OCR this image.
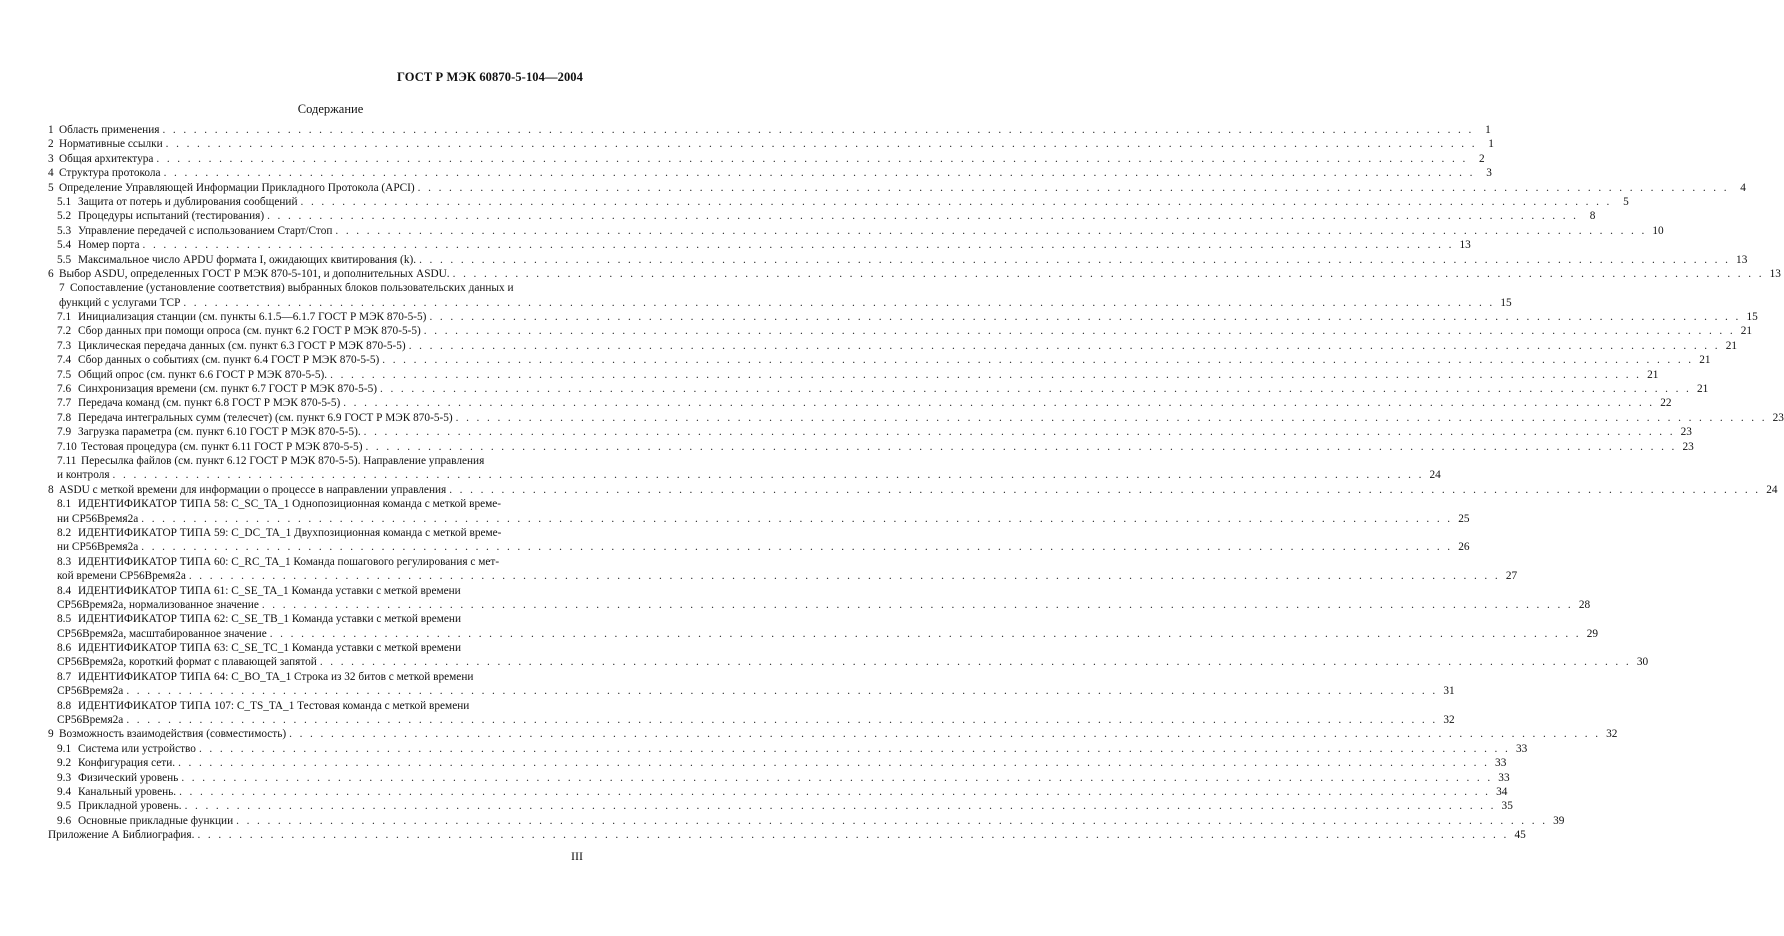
ГОСТ Р МЭК 60870-5-104—2004
Содержание
1 Область применения . . .	1
2 Нормативные ссылки . . .	1
3 Общая архитектура . . .	2
4 Структура протокола . . .	3
5 Определение Управляющей Информации Прикладного Протокола (APCI) . . .	4
5.1 Защита от потерь и дублирования сообщений . . .	5
5.2 Процедуры испытаний (тестирования) . . .	8
5.3 Управление передачей с использованием Старт/Стоп . . .	10
5.4 Номер порта . . .	13
5.5 Максимальное число APDU формата I, ожидающих квитирования (k). . . .	13
6 Выбор ASDU, определенных ГОСТ Р МЭК 870-5-101, и дополнительных ASDU. . . .	13
7 Сопоставление (установление соответствия) выбранных блоков пользовательских данных и
функций с услугами TCP . . .	15
7.1 Инициализация станции (см. пункты 6.1.5—6.1.7 ГОСТ Р МЭК 870-5-5) . . .	15
7.2 Сбор данных при помощи опроса (см. пункт 6.2 ГОСТ Р МЭК 870-5-5) . . .	21
7.3 Циклическая передача данных (см. пункт 6.3 ГОСТ Р МЭК 870-5-5) . . .	21
7.4 Сбор данных о событиях (см. пункт 6.4 ГОСТ Р МЭК 870-5-5) . . .	21
7.5 Общий опрос (см. пункт 6.6 ГОСТ Р МЭК 870-5-5). . . .	21
7.6 Синхронизация времени (см. пункт 6.7 ГОСТ Р МЭК 870-5-5) . . .	21
7.7 Передача команд (см. пункт 6.8 ГОСТ Р МЭК 870-5-5) . . .	22
7.8 Передача интегральных сумм (телесчет) (см. пункт 6.9 ГОСТ Р МЭК 870-5-5) . . .	23
7.9 Загрузка параметра (см. пункт 6.10 ГОСТ Р МЭК 870-5-5). . . .	23
7.10 Тестовая процедура (см. пункт 6.11 ГОСТ Р МЭК 870-5-5) . . .	23
7.11 Пересылка файлов (см. пункт 6.12 ГОСТ Р МЭК 870-5-5). Направление управления
и контроля . . .	24
8 ASDU с меткой времени для информации о процессе в направлении управления . . .	24
8.1 ИДЕНТИФИКАТОР ТИПА 58: C_SC_TA_1 Однопозиционная команда с меткой време-
ни CP56Время2а . . .	25
8.2 ИДЕНТИФИКАТОР ТИПА 59: C_DC_TA_1 Двухпозиционная команда с меткой време-
ни CP56Время2а . . .	26
8.3 ИДЕНТИФИКАТОР ТИПА 60: C_RC_TA_1 Команда пошагового регулирования с мет-
кой времени CP56Время2а . . .	27
8.4 ИДЕНТИФИКАТОР ТИПА 61: C_SE_TA_1 Команда уставки с меткой времени
CP56Время2а, нормализованное значение . . .	28
8.5 ИДЕНТИФИКАТОР ТИПА 62: C_SE_TB_1 Команда уставки с меткой времени
CP56Время2а, масштабированное значение . . .	29
8.6 ИДЕНТИФИКАТОР ТИПА 63: C_SE_TC_1 Команда уставки с меткой времени
CP56Время2а, короткий формат с плавающей запятой . . .	30
8.7 ИДЕНТИФИКАТОР ТИПА 64: C_BO_TA_1 Строка из 32 битов с меткой времени
CP56Время2а . . .	31
8.8 ИДЕНТИФИКАТОР ТИПА 107: C_TS_TA_1 Тестовая команда с меткой времени
CP56Время2а . . .	32
9 Возможность взаимодействия (совместимость) . . .	32
9.1 Система или устройство . . .	33
9.2 Конфигурация сети. . . .	33
9.3 Физический уровень . . .	33
9.4 Канальный уровень. . . .	34
9.5 Прикладной уровень. . . .	35
9.6 Основные прикладные функции . . .	39
Приложение А Библиография. . . .	45
III
